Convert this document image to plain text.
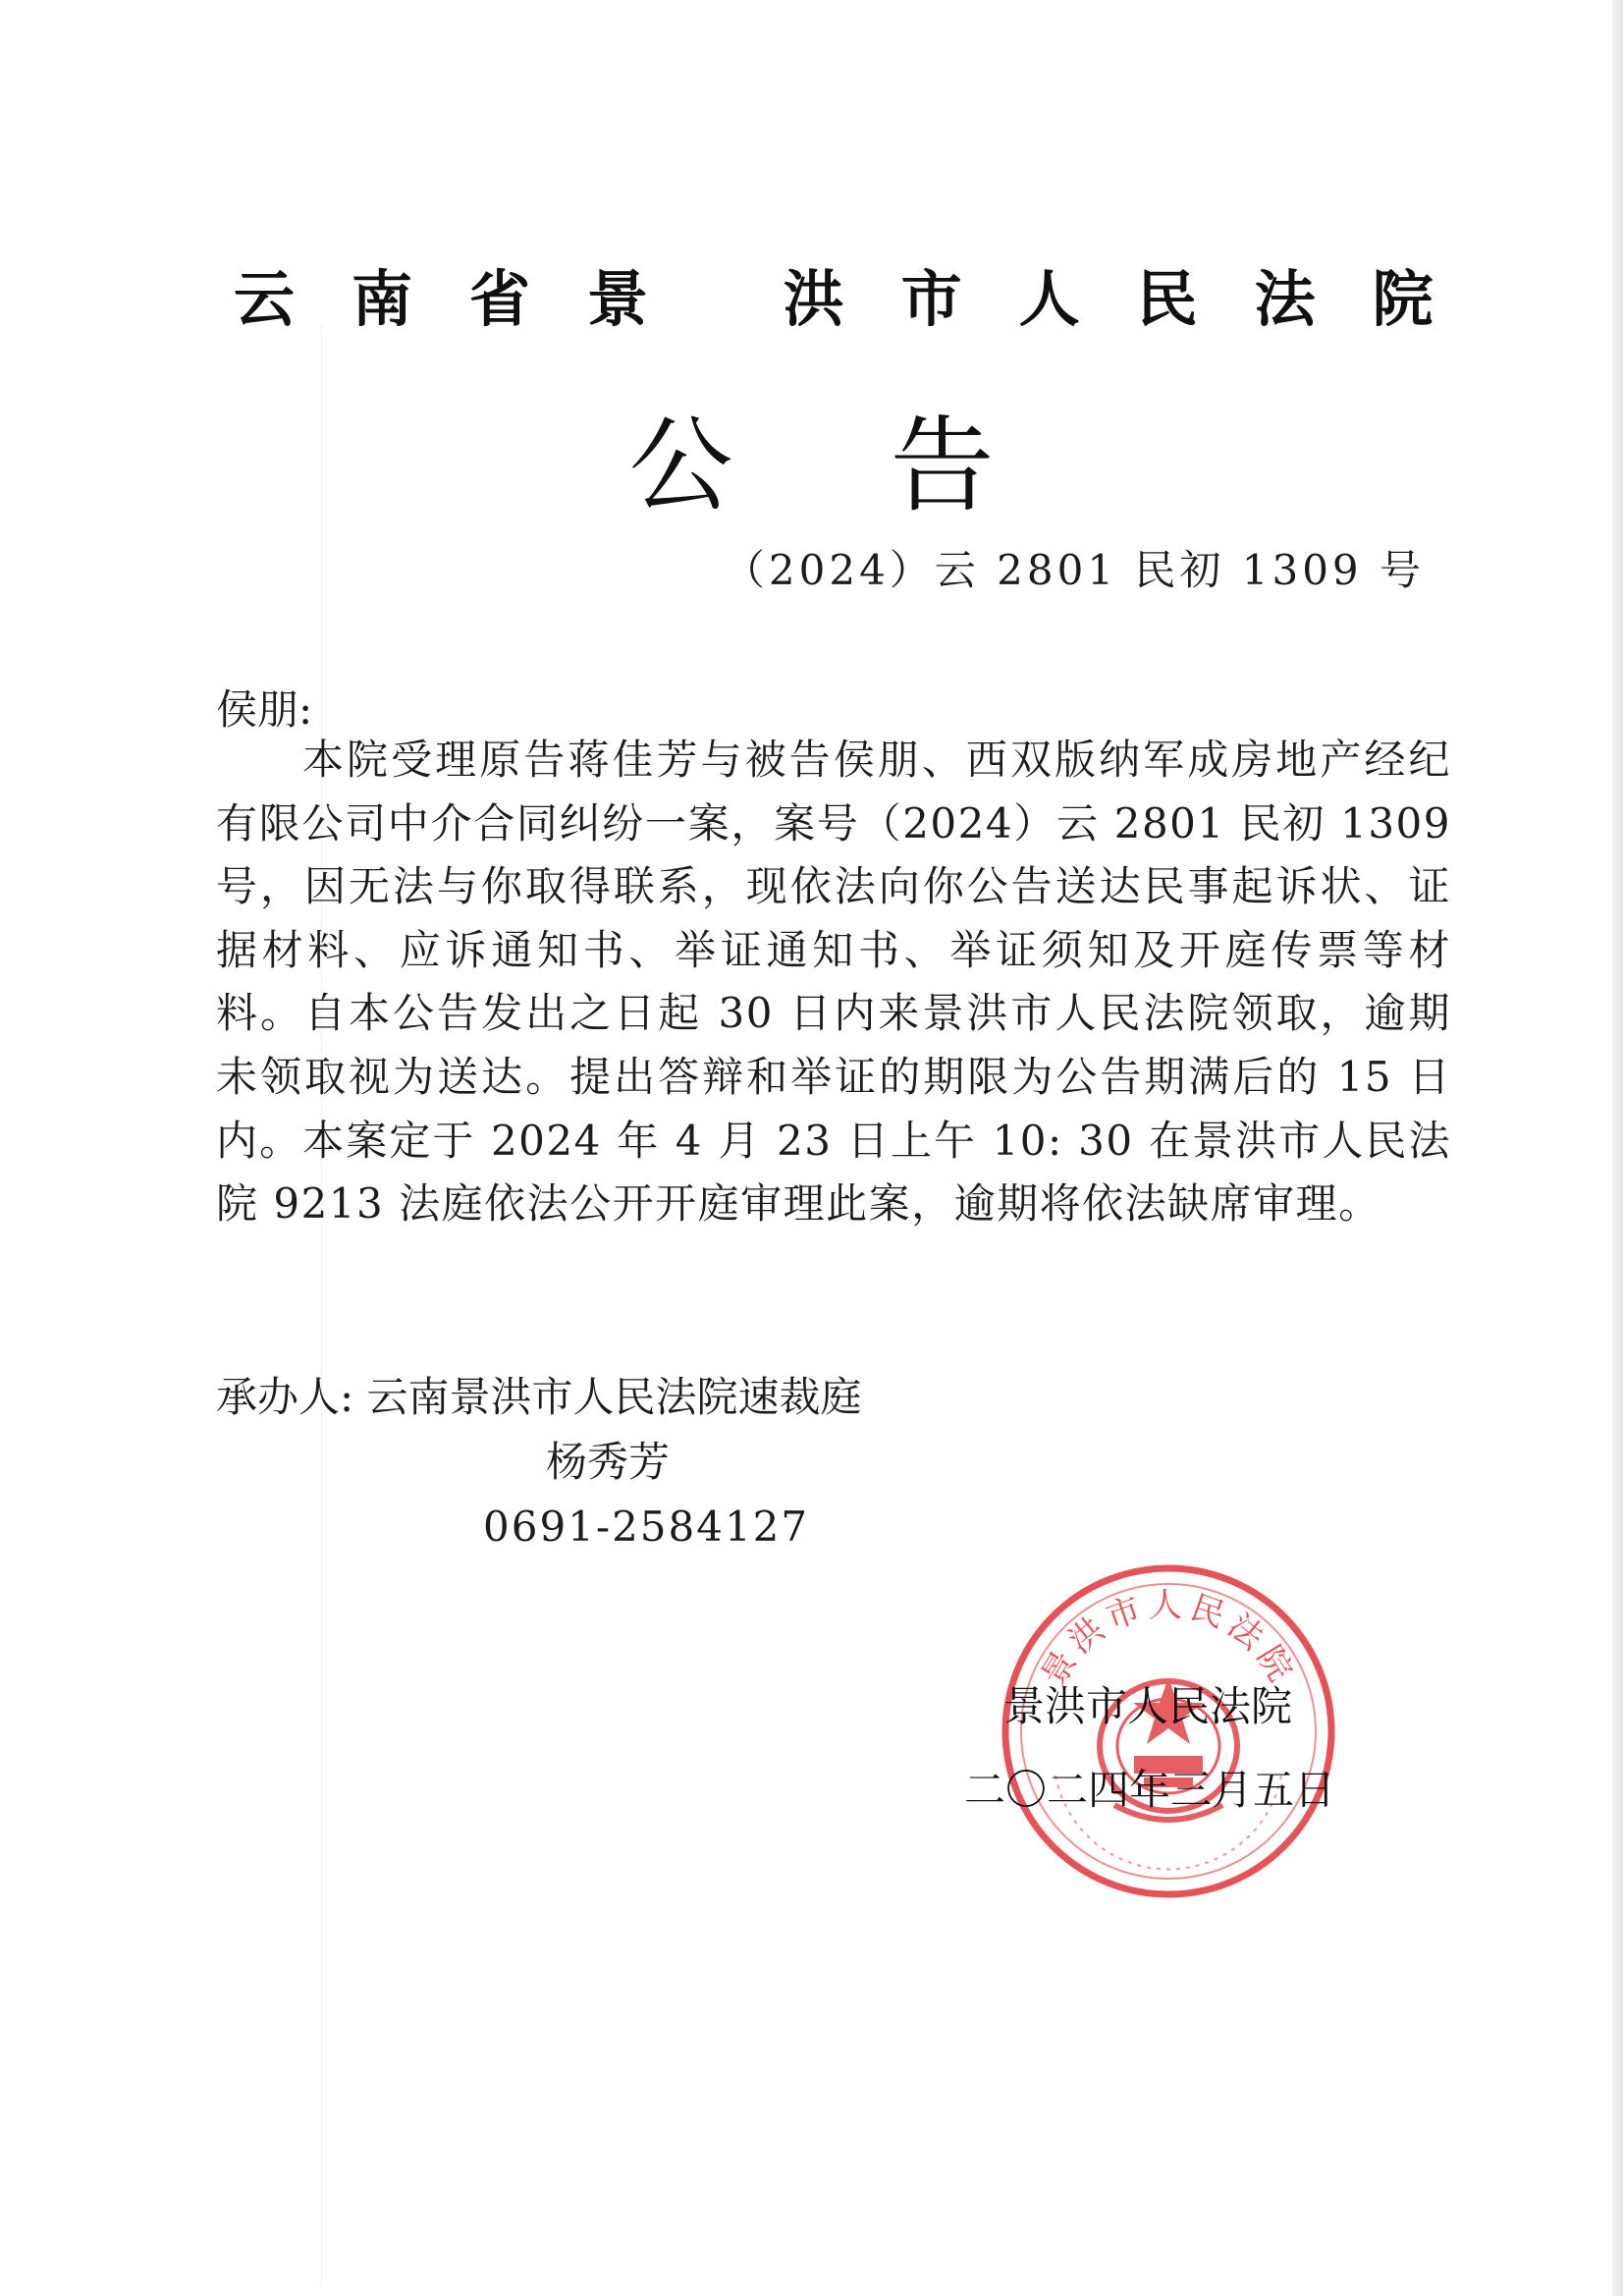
云南省景 洪市人民法院
公告
（2024）云 2801 民初 1309 号
侯朋:
本院受理原告蒋佳芳与被告侯朋、西双版纳军成房地产经纪有限公司中介合同纠纷一案，案号（2024）云 2801 民初 1309 号，因无法与你取得联系，现依法向你公告送达民事起诉状、证据材料、应诉通知书、举证通知书、举证须知及开庭传票等材料。自本公告发出之日起 30 日内来景洪市人民法院领取，逾期未领取视为送达。提出答辩和举证的期限为公告期满后的 15 日内。本案定于 2024 年 4 月 23 日上午 10: 30 在景洪市人民法院 9213 法庭依法公开开庭审理此案，逾期将依法缺席审理。
承办人: 云南景洪市人民法院速裁庭
杨秀芳
0691-2584127
景洪市人民法院
景洪市人民法院
二〇二四年三月五日
